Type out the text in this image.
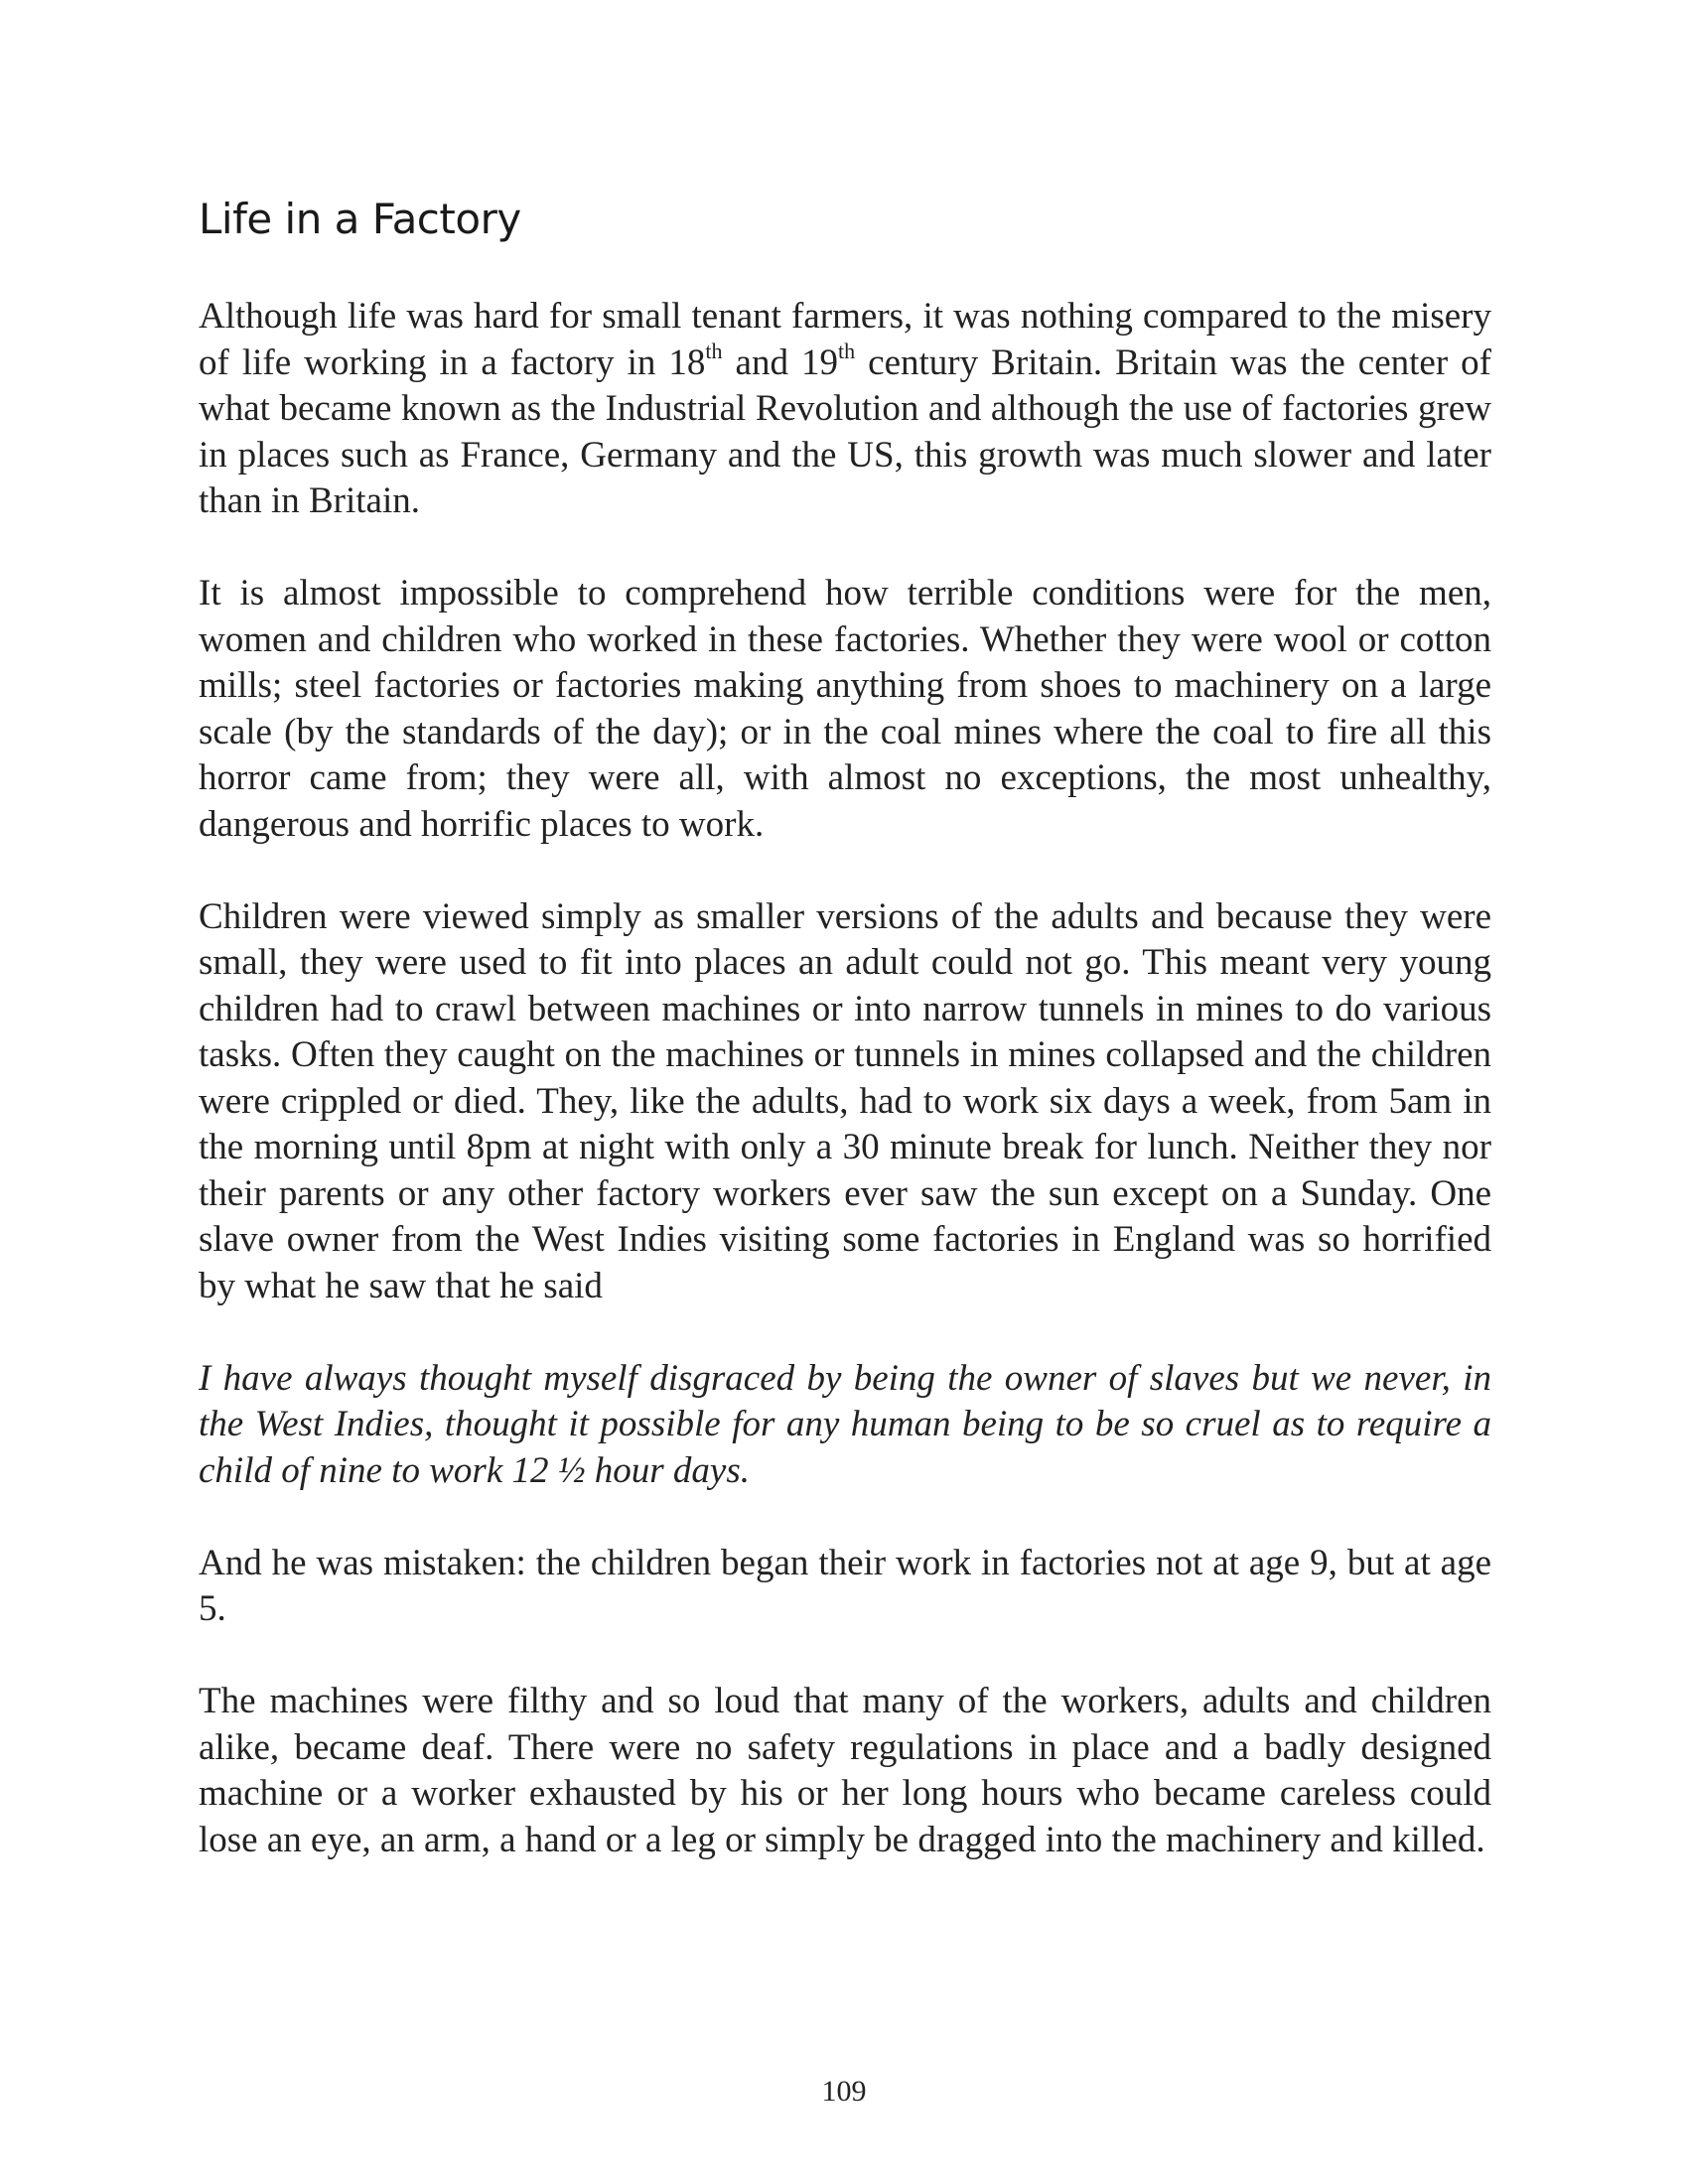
Life in a Factory

Although life was hard for small tenant farmers, it was nothing compared to the misery of life working in a factory in 18th and 19th century Britain. Britain was the center of what became known as the Industrial Revolution and although the use of factories grew in places such as France, Germany and the US, this growth was much slower and later than in Britain.

It is almost impossible to comprehend how terrible conditions were for the men, women and children who worked in these factories. Whether they were wool or cotton mills; steel factories or factories making anything from shoes to machinery on a large scale (by the standards of the day); or in the coal mines where the coal to fire all this horror came from; they were all, with almost no exceptions, the most unhealthy, dangerous and horrific places to work.

Children were viewed simply as smaller versions of the adults and because they were small, they were used to fit into places an adult could not go. This meant very young children had to crawl between machines or into narrow tunnels in mines to do various tasks. Often they caught on the machines or tunnels in mines collapsed and the children were crippled or died. They, like the adults, had to work six days a week, from 5am in the morning until 8pm at night with only a 30 minute break for lunch. Neither they nor their parents or any other factory workers ever saw the sun except on a Sunday. One slave owner from the West Indies visiting some factories in England was so horrified by what he saw that he said

I have always thought myself disgraced by being the owner of slaves but we never, in the West Indies, thought it possible for any human being to be so cruel as to require a child of nine to work 12 ½ hour days.

And he was mistaken: the children began their work in factories not at age 9, but at age 5.

The machines were filthy and so loud that many of the workers, adults and children alike, became deaf. There were no safety regulations in place and a badly designed machine or a worker exhausted by his or her long hours who became careless could lose an eye, an arm, a hand or a leg or simply be dragged into the machinery and killed.

109
